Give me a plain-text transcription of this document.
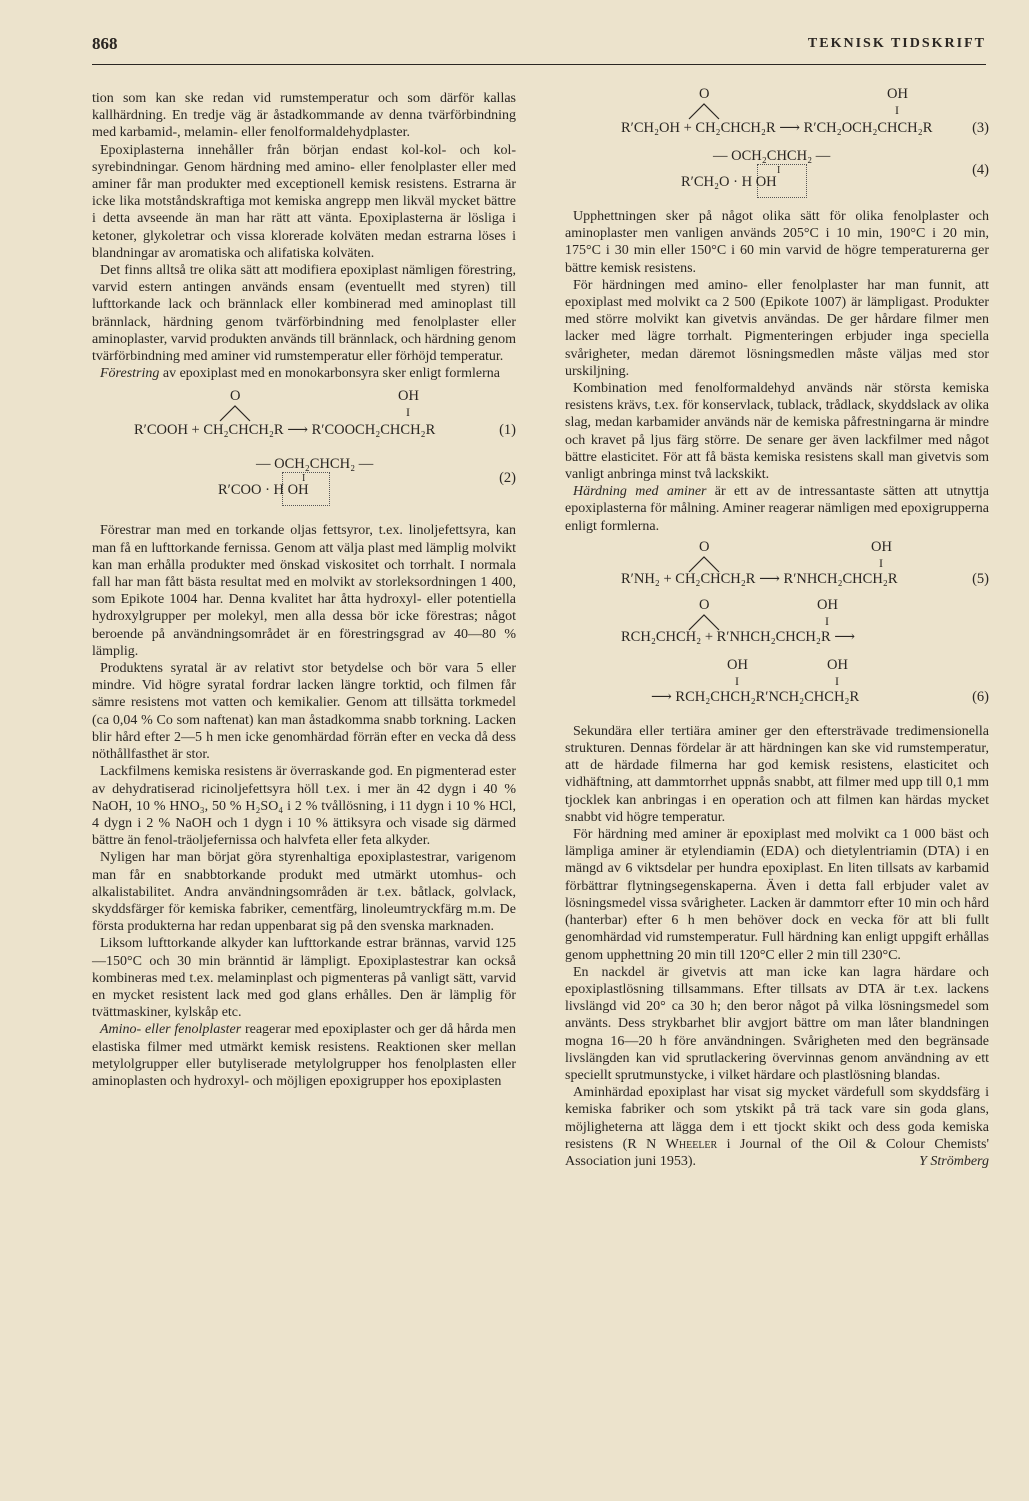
868	TEKNISK TIDSKRIFT

tion som kan ske redan vid rumstemperatur och som därför kallas kallhärdning. En tredje väg är åstadkommande av denna tvärförbindning med karbamid-, melamin- eller fenolformaldehydplaster.

Epoxiplasterna innehåller från början endast kol-kol- och kol-syrebindningar. Genom härdning med amino- eller fenolplaster eller med aminer får man produkter med exceptionell kemisk resistens. Estrarna är icke lika motståndskraftiga mot kemiska angrepp men likväl mycket bättre i detta avseende än man har rätt att vänta. Epoxiplasterna är lösliga i ketoner, glykoletrar och vissa klorerade kolväten medan estrarna löses i blandningar av aromatiska och alifatiska kolväten.

Det finns alltså tre olika sätt att modifiera epoxiplast nämligen förestring, varvid estern antingen används ensam (eventuellt med styren) till lufttorkande lack och brännlack eller kombinerad med aminoplast till brännlack, härdning genom tvärförbindning med fenolplaster eller aminoplaster, varvid produkten används till brännlack, och härdning genom tvärförbindning med aminer vid rumstemperatur eller förhöjd temperatur.

Förestring av epoxiplast med en monokarbonsyra sker enligt formlerna

O	OH
I
R′COOH + CH₂CHCH₂R ⟶ R′COOCH₂CHCH₂R	(1)
— OCH₂CHCH₂ —
I
R′COO · H OH
(2)

Förestrar man med en torkande oljas fettsyror, t.ex. linoljefettsyra, kan man få en lufttorkande fernissa. Genom att välja plast med lämplig molvikt kan man erhålla produkter med önskad viskositet och torrhalt. I normala fall har man fått bästa resultat med en molvikt av storleksordningen 1 400, som Epikote 1004 har. Denna kvalitet har åtta hydroxyl- eller potentiella hydroxylgrupper per molekyl, men alla dessa bör icke förestras; något beroende på användningsområdet är en förestringsgrad av 40—80 % lämplig.

Produktens syratal är av relativt stor betydelse och bör vara 5 eller mindre. Vid högre syratal fordrar lacken längre torktid, och filmen får sämre resistens mot vatten och kemikalier. Genom att tillsätta torkmedel (ca 0,04 % Co som naftenat) kan man åstadkomma snabb torkning. Lacken blir hård efter 2—5 h men icke genomhärdad förrän efter en vecka då dess nöthållfasthet är stor.

Lackfilmens kemiska resistens är överraskande god. En pigmenterad ester av dehydratiserad ricinoljefettsyra höll t.ex. i mer än 42 dygn i 40 % NaOH, 10 % HNO₃, 50 % H₂SO₄ i 2 % tvållösning, i 11 dygn i 10 % HCl, 4 dygn i 2 % NaOH och 1 dygn i 10 % ättiksyra och visade sig därmed bättre än fenol-träoljefernissa och halvfeta eller feta alkyder.

Nyligen har man börjat göra styrenhaltiga epoxiplastestrar, varigenom man får en snabbtorkande produkt med utmärkt utomhus- och alkalistabilitet. Andra användningsområden är t.ex. båtlack, golvlack, skyddsfärger för kemiska fabriker, cementfärg, linoleumtryckfärg m.m. De första produkterna har redan uppenbarat sig på den svenska marknaden.

Liksom lufttorkande alkyder kan lufttorkande estrar brännas, varvid 125—150°C och 30 min bränntid är lämpligt. Epoxiplastestrar kan också kombineras med t.ex. melaminplast och pigmenteras på vanligt sätt, varvid en mycket resistent lack med god glans erhålles. Den är lämplig för tvättmaskiner, kylskåp etc.

Amino- eller fenolplaster reagerar med epoxiplaster och ger då hårda men elastiska filmer med utmärkt kemisk resistens. Reaktionen sker mellan metylolgrupper eller butyliserade metylolgrupper hos fenolplasten eller aminoplasten och hydroxyl- och möjligen epoxigrupper hos epoxiplasten

O	OH
I
R′CH₂OH + CH₂CHCH₂R ⟶ R′CH₂OCH₂CHCH₂R	(3)
— OCH₂CHCH₂ —
I
R′CH₂O · H OH
(4)

Upphettningen sker på något olika sätt för olika fenolplaster och aminoplaster men vanligen används 205°C i 10 min, 190°C i 20 min, 175°C i 30 min eller 150°C i 60 min varvid de högre temperaturerna ger bättre kemisk resistens.

För härdningen med amino- eller fenolplaster har man funnit, att epoxiplast med molvikt ca 2 500 (Epikote 1007) är lämpligast. Produkter med större molvikt kan givetvis användas. De ger hårdare filmer men lacker med lägre torrhalt. Pigmenteringen erbjuder inga speciella svårigheter, medan däremot lösningsmedlen måste väljas med stor urskiljning.

Kombination med fenolformaldehyd används när största kemiska resistens krävs, t.ex. för konservlack, tublack, trådlack, skyddslack av olika slag, medan karbamider används när de kemiska påfrestningarna är mindre och kravet på ljus färg större. De senare ger även lackfilmer med något bättre elasticitet. För att få bästa kemiska resistens skall man givetvis som vanligt anbringa minst två lackskikt.

Härdning med aminer är ett av de intressantaste sätten att utnyttja epoxiplasterna för målning. Aminer reagerar nämligen med epoxigrupperna enligt formlerna.

O	OH
I
R′NH₂ + CH₂CHCH₂R ⟶ R′NHCH₂CHCH₂R	(5)
O	OH
I
RCH₂CHCH₂ + R′NHCH₂CHCH₂R ⟶
OH	OH
I	I
⟶ RCH₂CHCH₂R′NCH₂CHCH₂R	(6)

Sekundära eller tertiära aminer ger den eftersträvade tredimensionella strukturen. Dennas fördelar är att härdningen kan ske vid rumstemperatur, att de härdade filmerna har god kemisk resistens, elasticitet och vidhäftning, att dammtorrhet uppnås snabbt, att filmer med upp till 0,1 mm tjocklek kan anbringas i en operation och att filmen kan härdas mycket snabbt vid högre temperatur.

För härdning med aminer är epoxiplast med molvikt ca 1 000 bäst och lämpliga aminer är etylendiamin (EDA) och dietylentriamin (DTA) i en mängd av 6 viktsdelar per hundra epoxiplast. En liten tillsats av karbamid förbättrar flytningsegenskaperna. Även i detta fall erbjuder valet av lösningsmedel vissa svårigheter. Lacken är dammtorr efter 10 min och hård (hanterbar) efter 6 h men behöver dock en vecka för att bli fullt genomhärdad vid rumstemperatur. Full härdning kan enligt uppgift erhållas genom upphettning 20 min till 120°C eller 2 min till 230°C.

En nackdel är givetvis att man icke kan lagra härdare och epoxiplastlösning tillsammans. Efter tillsats av DTA är t.ex. lackens livslängd vid 20° ca 30 h; den beror något på vilka lösningsmedel som använts. Dess strykbarhet blir avgjort bättre om man låter blandningen mogna 16—20 h före användningen. Svårigheten med den begränsade livslängden kan vid sprutlackering övervinnas genom användning av ett speciellt sprutmunstycke, i vilket härdare och plastlösning blandas.

Aminhärdad epoxiplast har visat sig mycket värdefull som skyddsfärg i kemiska fabriker och som ytskikt på trä tack vare sin goda glans, möjligheterna att lägga dem i ett tjockt skikt och dess goda kemiska resistens (R N Wheeler i Journal of the Oil & Colour Chemists' Association juni 1953).	Y Strömberg
